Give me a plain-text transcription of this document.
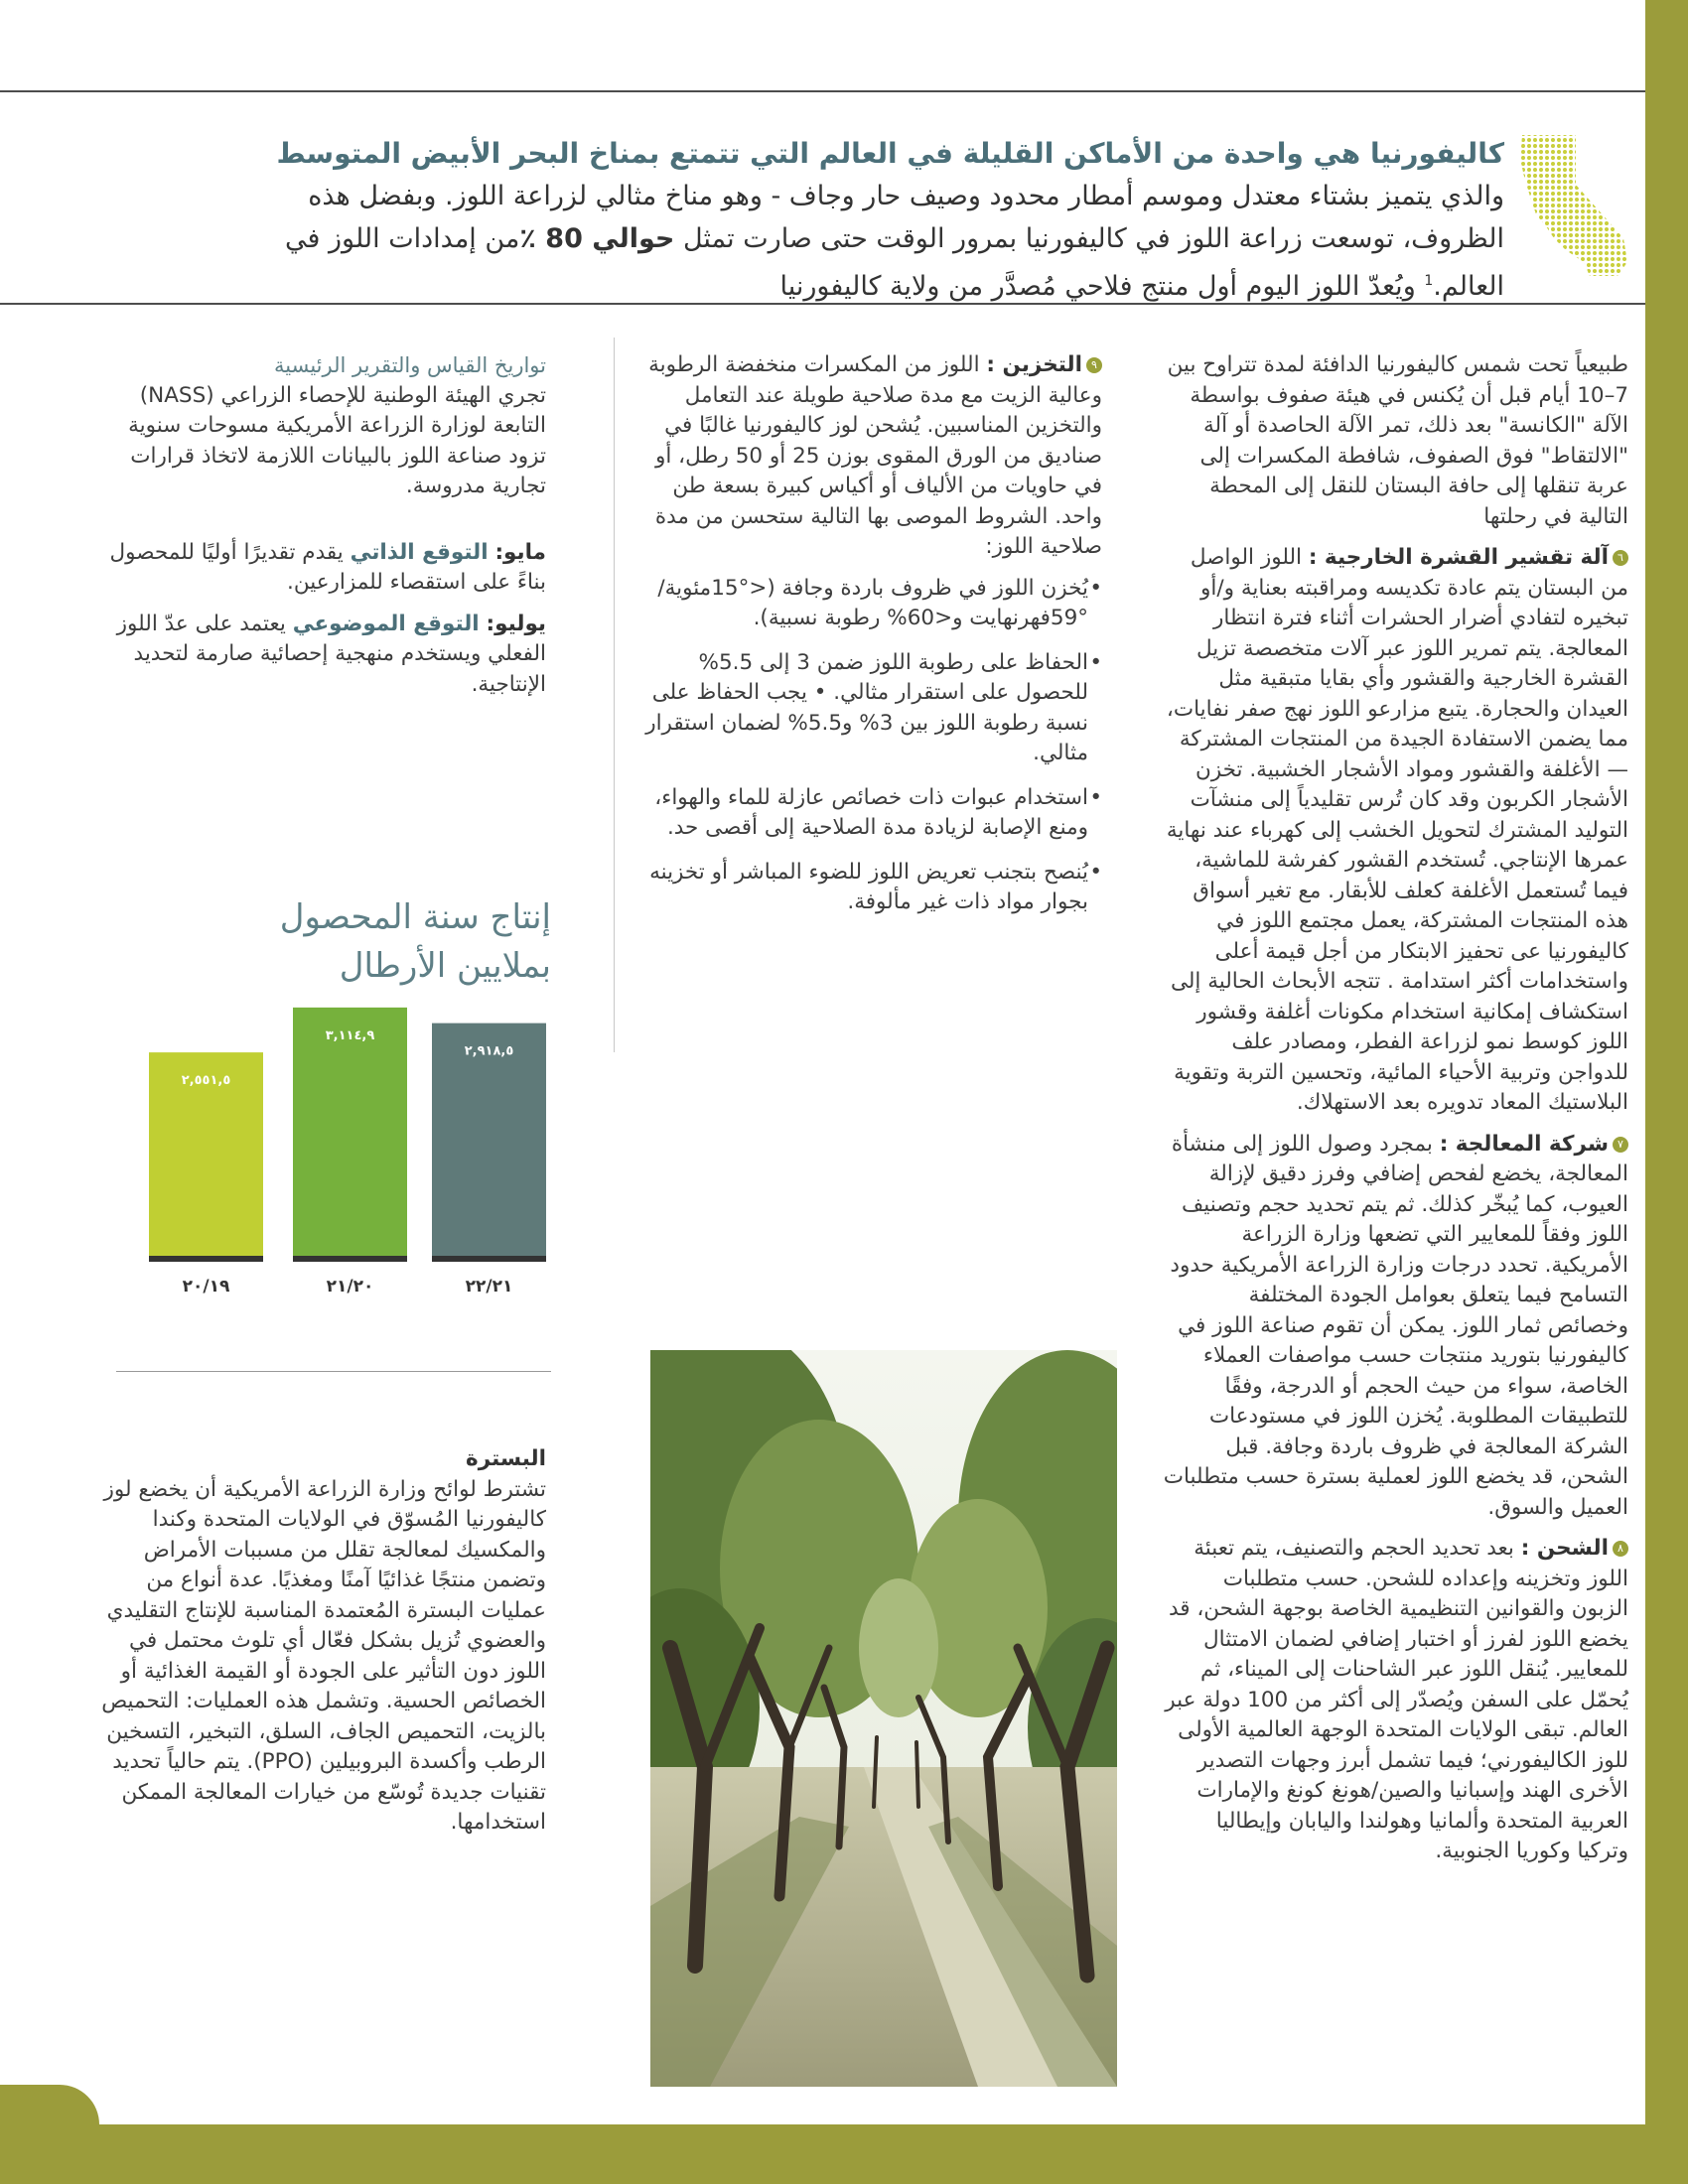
كاليفورنيا هي واحدة من الأماكن القليلة في العالم التي تتمتع بمناخ البحر الأبيض المتوسط
والذي يتميز بشتاء معتدل وموسم أمطار محدود وصيف حار وجاف - وهو مناخ مثالي لزراعة اللوز. وبفضل هذه الظروف، توسعت زراعة اللوز في كاليفورنيا بمرور الوقت حتى صارت تمثل حوالي 80 ٪من إمدادات اللوز في العالم.$^1$ ويُعدّ اللوز اليوم أول منتج فلاحي مُصدَّر من ولاية كاليفورنيا

طبيعياً تحت شمس كاليفورنيا الدافئة لمدة تتراوح بين 7–10 أيام قبل أن يُكنس في هيئة صفوف بواسطة الآلة "الكانسة" بعد ذلك، تمر الآلة الحاصدة أو آلة "الالتقاط" فوق الصفوف، شافطة المكسرات إلى عربة تنقلها إلى حافة البستان للنقل إلى المحطة التالية في رحلتها

٦آلة تقشير القشرة الخارجية : اللوز الواصل من البستان يتم عادة تكديسه ومراقبته بعناية و/أو تبخيره لتفادي أضرار الحشرات أثناء فترة انتظار المعالجة. يتم تمرير اللوز عبر آلات متخصصة تزيل القشرة الخارجية والقشور وأي بقايا متبقية مثل العيدان والحجارة. يتبع مزارعو اللوز نهج صفر نفايات، مما يضمن الاستفادة الجيدة من المنتجات المشتركة— الأغلفة والقشور ومواد الأشجار الخشبية. تخزن الأشجار الكربون وقد كان تُرس تقليدياً إلى منشآت التوليد المشترك لتحويل الخشب إلى كهرباء عند نهاية عمرها الإنتاجي. تُستخدم القشور كفرشة للماشية، فيما تُستعمل الأغلفة كعلف للأبقار. مع تغير أسواق هذه المنتجات المشتركة، يعمل مجتمع اللوز في كاليفورنيا عى تحفيز الابتكار من أجل قيمة أعلى واستخدامات أكثر استدامة . تتجه الأبحاث الحالية إلى استكشاف إمكانية استخدام مكونات أغلفة وقشور اللوز كوسط نمو لزراعة الفطر، ومصادر علف للدواجن وتربية الأحياء المائية، وتحسين التربة وتقوية البلاستيك المعاد تدويره بعد الاستهلاك.

٧شركة المعالجة : بمجرد وصول اللوز إلى منشأة المعالجة، يخضع لفحص إضافي وفرز دقيق لإزالة العيوب، كما يُبخّر كذلك. ثم يتم تحديد حجم وتصنيف اللوز وفقاً للمعايير التي تضعها وزارة الزراعة الأمريكية. تحدد درجات وزارة الزراعة الأمريكية حدود التسامح فيما يتعلق بعوامل الجودة المختلفة وخصائص ثمار اللوز. يمكن أن تقوم صناعة اللوز في كاليفورنيا بتوريد منتجات حسب مواصفات العملاء الخاصة، سواء من حيث الحجم أو الدرجة، وفقًا للتطبيقات المطلوبة. يُخزن اللوز في مستودعات الشركة المعالجة في ظروف باردة وجافة. قبل الشحن، قد يخضع اللوز لعملية بسترة حسب متطلبات العميل والسوق.

٨الشحن : بعد تحديد الحجم والتصنيف، يتم تعبئة اللوز وتخزينه وإعداده للشحن. حسب متطلبات الزبون والقوانين التنظيمية الخاصة بوجهة الشحن، قد يخضع اللوز لفرز أو اختبار إضافي لضمان الامتثال للمعايير. يُنقل اللوز عبر الشاحنات إلى الميناء، ثم يُحمّل على السفن ويُصدّر إلى أكثر من 100 دولة عبر العالم. تبقى الولايات المتحدة الوجهة العالمية الأولى للوز الكاليفورني؛ فيما تشمل أبرز وجهات التصدير الأخرى الهند وإسبانيا والصين/هونغ كونغ والإمارات العربية المتحدة وألمانيا وهولندا واليابان وإيطاليا وتركيا وكوريا الجنوبية.

٩التخزين : اللوز من المكسرات منخفضة الرطوبة وعالية الزيت مع مدة صلاحية طويلة عند التعامل والتخزين المناسبين. يُشحن لوز كاليفورنيا غالبًا في صناديق من الورق المقوى بوزن 25 أو 50 رطل، أو في حاويات من الألياف أو أكياس كبيرة بسعة طن واحد. الشروط الموصى بها التالية ستحسن من مدة صلاحية اللوز:

• يُخزن اللوز في ظروف باردة وجافة (<°15مئوية/°59فهرنهايت و<60% رطوبة نسبية).
• الحفاظ على رطوبة اللوز ضمن 3 إلى 5.5% للحصول على استقرار مثالي. • يجب الحفاظ على نسبة رطوبة اللوز بين 3% و5.5% لضمان استقرار مثالي.
• استخدام عبوات ذات خصائص عازلة للماء والهواء، ومنع الإصابة لزيادة مدة الصلاحية إلى أقصى حد.
• يُنصح بتجنب تعريض اللوز للضوء المباشر أو تخزينه بجوار مواد ذات غير مألوفة.
تواريخ القياس والتقرير الرئيسية

تجري الهيئة الوطنية للإحصاء الزراعي (NASS) التابعة لوزارة الزراعة الأمريكية مسوحات سنوية تزود صناعة اللوز بالبيانات اللازمة لاتخاذ قرارات تجارية مدروسة.

مايو: التوقع الذاتي يقدم تقديرًا أوليًا للمحصول بناءً على استقصاء للمزارعين.

يوليو: التوقع الموضوعي يعتمد على عدّ اللوز الفعلي ويستخدم منهجية إحصائية صارمة لتحديد الإنتاجية.

إنتاج سنة المحصول
بملايين الأرطال
٢,٩١٨,٥
٢٢/٢١
٣,١١٤,٩
٢١/٢٠
٢,٥٥١,٥
٢٠/١٩
البسترة

تشترط لوائح وزارة الزراعة الأمريكية أن يخضع لوز كاليفورنيا المُسوّق في الولايات المتحدة وكندا والمكسيك لمعالجة تقلل من مسببات الأمراض وتضمن منتجًا غذائيًا آمنًا ومغذيًا. عدة أنواع من عمليات البسترة المُعتمدة المناسبة للإنتاج التقليدي والعضوي تُزيل بشكل فعّال أي تلوث محتمل في اللوز دون التأثير على الجودة أو القيمة الغذائية أو الخصائص الحسية. وتشمل هذه العمليات: التحميص بالزيت، التحميص الجاف، السلق، التبخير، التسخين الرطب وأكسدة البروبيلين (PPO). يتم حالياً تحديد تقنيات جديدة تُوسّع من خيارات المعالجة الممكن استخدامها.
